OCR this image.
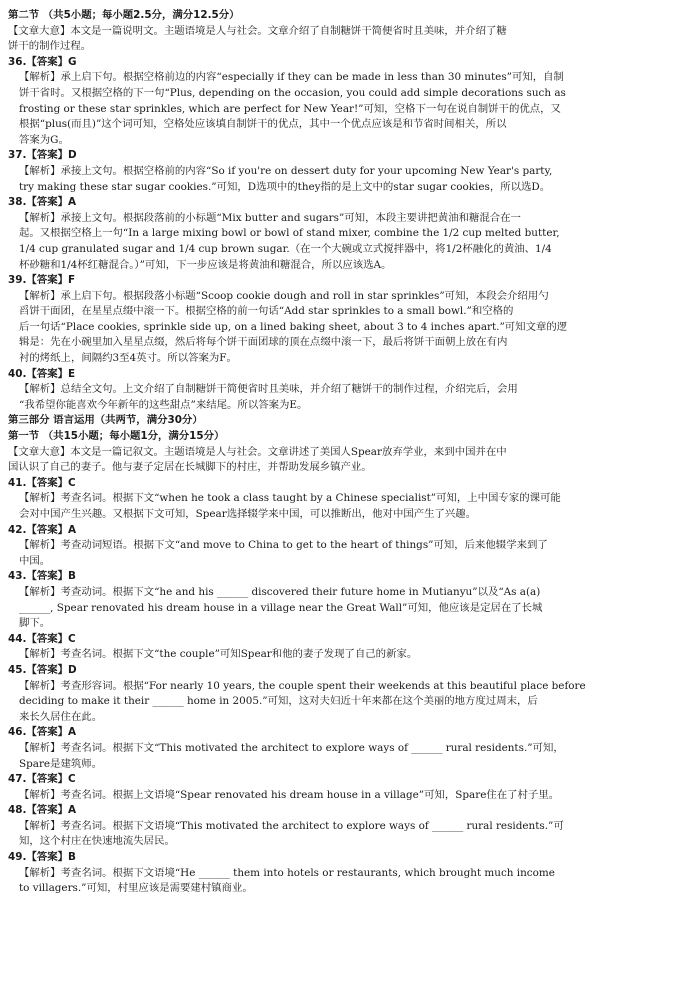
第二节 （共5小题；每小题2.5分，满分12.5分）
【文章大意】本文是一篇说明文。主题语境是人与社会。文章介绍了自制糖饼干简便省时且美味，并介绍了糖
饼干的制作过程。
36.【答案】G
【解析】承上启下句。根据空格前边的内容“especially if they can be made in less than 30 minutes”可知，自制
饼干省时。又根据空格的下一句“Plus, depending on the occasion, you could add simple decorations such as
frosting or these star sprinkles, which are perfect for New Year!”可知，空格下一句在说自制饼干的优点，又
根据“plus(而且)”这个词可知，空格处应该填自制饼干的优点，其中一个优点应该是和节省时间相关，所以
答案为G。
37.【答案】D
【解析】承接上文句。根据空格前的内容“So if you're on dessert duty for your upcoming New Year's party,
try making these star sugar cookies.”可知，D选项中的they指的是上文中的star sugar cookies，所以选D。
38.【答案】A
【解析】承接上文句。根据段落前的小标题“Mix butter and sugars”可知，本段主要讲把黄油和糖混合在一
起。又根据空格上一句“In a large mixing bowl or bowl of stand mixer, combine the 1/2 cup melted butter,
1/4 cup granulated sugar and 1/4 cup brown sugar.（在一个大碗或立式搅拌器中，将1/2杯融化的黄油、1/4
杯砂糖和1/4杯红糖混合。）”可知，下一步应该是将黄油和糖混合，所以应该选A。
39.【答案】F
【解析】承上启下句。根据段落小标题“Scoop cookie dough and roll in star sprinkles”可知，本段会介绍用勺
舀饼干面团，在星星点缀中滚一下。根据空格的前一句话“Add star sprinkles to a small bowl.”和空格的
后一句话“Place cookies, sprinkle side up, on a lined baking sheet, about 3 to 4 inches apart.”可知文章的逻
辑是：先在小碗里加入星星点缀，然后将每个饼干面团球的顶在点缀中滚一下，最后将饼干面朝上放在有内
衬的烤纸上，间隔约3至4英寸。所以答案为F。
40.【答案】E
【解析】总结全文句。上文介绍了自制糖饼干简便省时且美味，并介绍了糖饼干的制作过程，介绍完后，会用
“我希望你能喜欢今年新年的这些甜点”来结尾。所以答案为E。
第三部分 语言运用（共两节，满分30分）
第一节 （共15小题；每小题1分，满分15分）
【文章大意】本文是一篇记叙文。主题语境是人与社会。文章讲述了美国人Spear放弃学业，来到中国并在中
国认识了自己的妻子。他与妻子定居在长城脚下的村庄，并帮助发展乡镇产业。
41.【答案】C
【解析】考查名词。根据下文“when he took a class taught by a Chinese specialist”可知，上中国专家的课可能
会对中国产生兴趣。又根据下文可知，Spear选择辍学来中国，可以推断出，他对中国产生了兴趣。
42.【答案】A
【解析】考查动词短语。根据下文“and move to China to get to the heart of things”可知，后来他辍学来到了
中国。
43.【答案】B
【解析】考查动词。根据下文“he and his ______ discovered their future home in Mutianyu”以及“As a(a)
______, Spear renovated his dream house in a village near the Great Wall”可知，他应该是定居在了长城
脚下。
44.【答案】C
【解析】考查名词。根据下文“the couple”可知Spear和他的妻子发现了自己的新家。
45.【答案】D
【解析】考查形容词。根据“For nearly 10 years, the couple spent their weekends at this beautiful place before
deciding to make it their ______ home in 2005.”可知，这对夫妇近十年来都在这个美丽的地方度过周末，后
来长久居住在此。
46.【答案】A
【解析】考查名词。根据下文“This motivated the architect to explore ways of ______ rural residents.”可知，
Spare是建筑师。
47.【答案】C
【解析】考查名词。根据上文语境“Spear renovated his dream house in a village”可知，Spare住在了村子里。
48.【答案】A
【解析】考查名词。根据下文语境“This motivated the architect to explore ways of ______ rural residents.”可
知，这个村庄在快速地流失居民。
49.【答案】B
【解析】考查名词。根据下文语境“He ______ them into hotels or restaurants, which brought much income
to villagers.”可知，村里应该是需要建村镇商业。
